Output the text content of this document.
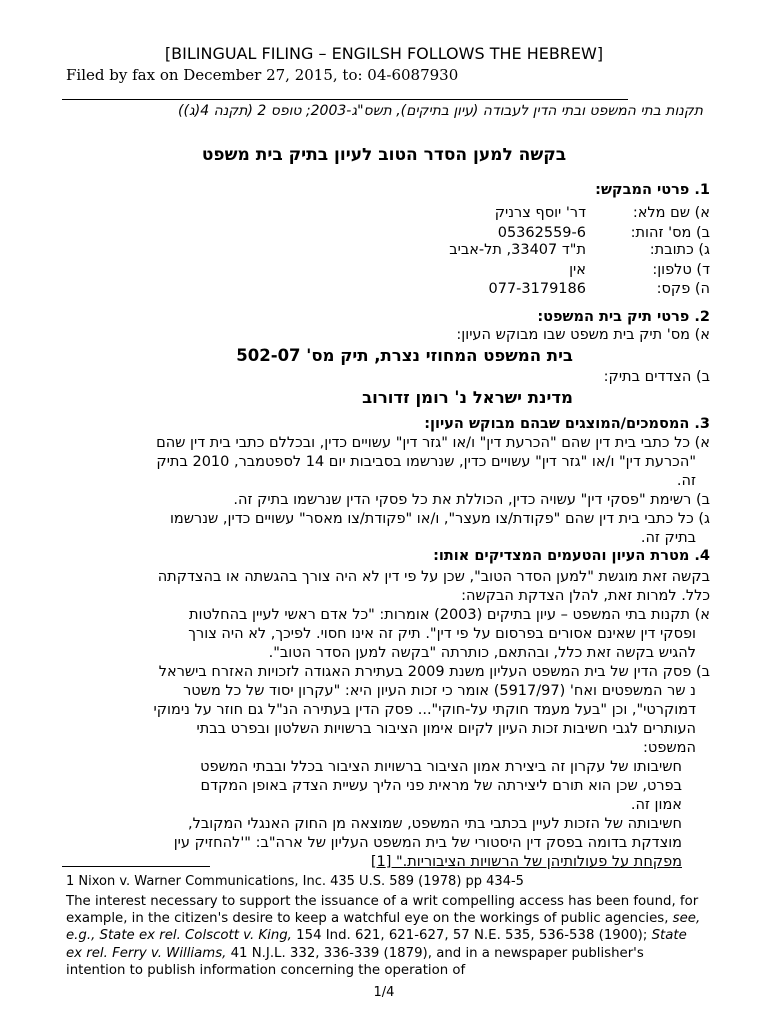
[BILINGUAL FILING – ENGILSH FOLLOWS THE HEBREW]
Filed by fax on December 27, 2015, to: 04-6087930
תקנות בתי המשפט ובתי הדין לעבודה (עיון בתיקים), תשס"ג-2003; טופס 2 (תקנה 4(ג))
בקשה למען הסדר הטוב לעיון בתיק בית משפט
1. פרטי המבקש:
א) שם מלא:
דר' יוסף צרניק
ב) מס' זהות:
05362559-6
ג) כתובת:
ת"ד 33407, תל-אביב
ד) טלפון:
אין
ה) פקס:
077-3179186
2. פרטי תיק בית המשפט:
א) מס' תיק בית משפט שבו מבוקש העיון:
בית המשפט המחוזי נצרת, תיק מס' 502-07
ב) הצדדים בתיק:
מדינת ישראל נ' רומן זדורוב
3. המסמכים/המוצגים שבהם מבוקש העיון:
א) כל כתבי בית דין שהם "הכרעת דין" ו/או "גזר דין" עשויים כדין, ובכללם כתבי בית דין שהם
"הכרעת דין" ו/או "גזר דין" עשויים כדין, שנרשמו בסביבות יום 14 לספטמבר, 2010 בתיק
זה.
ב) רשימת "פסקי דין" עשויה כדין, הכוללת את כל פסקי הדין שנרשמו בתיק זה.
ג) כל כתבי בית דין שהם "פקודת/צו מעצר", ו/או "פקודת/צו מאסר" עשויים כדין, שנרשמו
בתיק זה.
4. מטרת העיון והטעמים המצדיקים אותו:
בקשה זאת מוגשת "למען הסדר הטוב", שכן על פי דין לא היה צורך בהגשתה או בהצדקתה
כלל. למרות זאת, להלן הצדקת הבקשה:
א) תקנות בתי המשפט – עיון בתיקים (2003) אומרות: "כל אדם ראשי לעיין בהחלטות
ופסקי דין שאינם אסורים בפרסום על פי דין". תיק זה אינו חסוי. לפיכך, לא היה צורך
להגיש בקשה זאת כלל, ובהתאם, כותרתה "בקשה למען הסדר הטוב".
ב) פסק הדין של בית המשפט העליון משנת 2009 בעתירת האגודה לזכויות האזרח בישראל
נ שר המשפטים ואח' (5917/97) אומר כי זכות העיון היא: "עקרון יסוד של כל משטר
דמוקרטי", וכן "בעל מעמד חוקתי על-חוקי"... פסק הדין בעתירה הנ"ל גם חוזר על נימוקי
העותרים לגבי חשיבות זכות העיון לקיום אימון הציבור ברשויות השלטון ובפרט בבתי
המשפט:
חשיבותו של עקרון זה ביצירת אמון הציבור ברשויות הציבור בכלל ובבתי המשפט
בפרט, שכן הוא תורם ליצירתה של מראית פני הליך עשיית הצדק באופן המקדם
אמון זה.
חשיבותה של הזכות לעיין בכתבי בתי המשפט, שמוצאה מן החוק האנגלי המקובל,
מוצדקת בדומה בפסק דין היסטורי של בית המשפט העליון של ארה"ב: "'להחזיק עין
מפקחת על פעולותיהן של הרשויות הציבוריות." [1]
1 Nixon v. Warner Communications, Inc. 435 U.S. 589 (1978) pp 434-5
The interest necessary to support the issuance of a writ compelling access has been found, for example, in the citizen's desire to keep a watchful eye on the workings of public agencies, see, e.g., State ex rel. Colscott v. King, 154 Ind. 621, 621-627, 57 N.E. 535, 536-538 (1900); State ex rel. Ferry v. Williams, 41 N.J.L. 332, 336-339 (1879), and in a newspaper publisher's intention to publish information concerning the operation of
1/4
